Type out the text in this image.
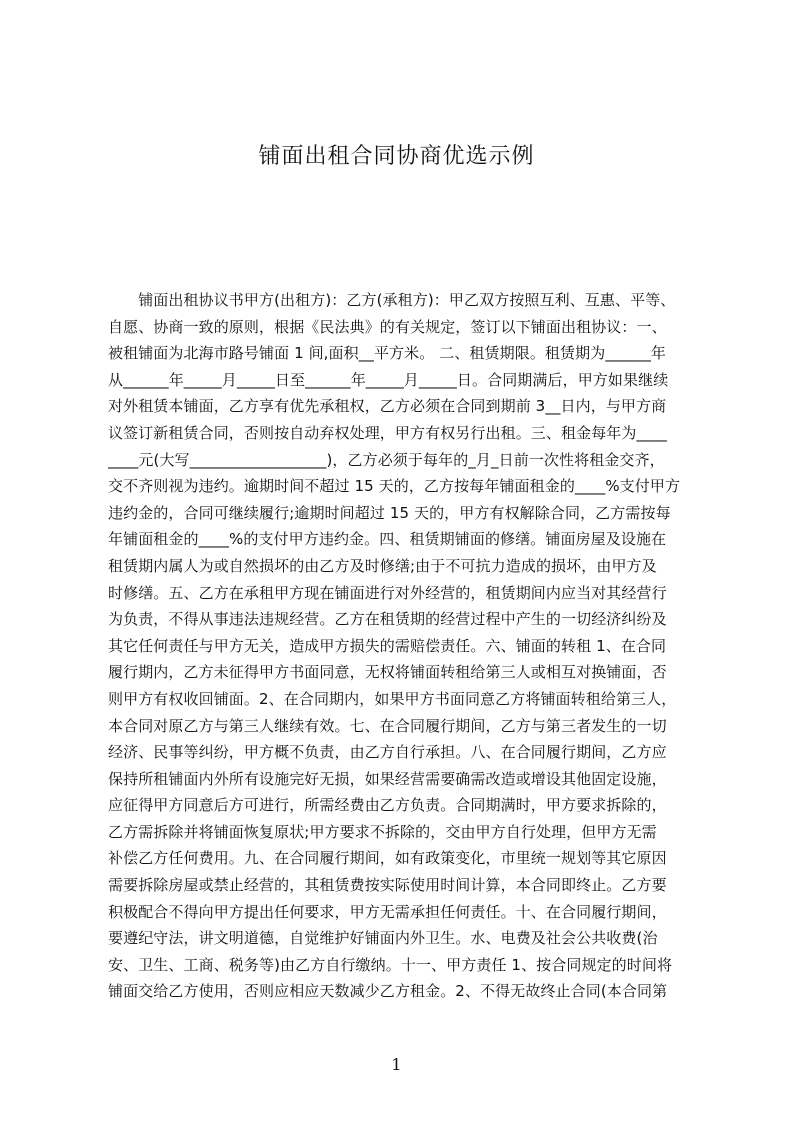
铺面出租合同协商优选示例
　　铺面出租协议书甲方(出租方)：乙方(承租方)：甲乙双方按照互利、互惠、平等、
自愿、协商一致的原则，根据《民法典》的有关规定，签订以下铺面出租协议：一、
被租铺面为北海市路号铺面 1 间,面积__平方米。 二、租赁期限。租赁期为______年
从______年_____月_____日至______年_____月_____日。合同期满后，甲方如果继续
对外租赁本铺面，乙方享有优先承租权，乙方必须在合同到期前 3__日内，与甲方商
议签订新租赁合同，否则按自动弃权处理，甲方有权另行出租。三、租金每年为____
____元(大写__________________)，乙方必须于每年的_月_日前一次性将租金交齐，
交不齐则视为违约。逾期时间不超过 15 天的，乙方按每年铺面租金的____%支付甲方
违约金的，合同可继续履行;逾期时间超过 15 天的，甲方有权解除合同，乙方需按每
年铺面租金的____%的支付甲方违约金。四、租赁期铺面的修缮。铺面房屋及设施在
租赁期内属人为或自然损坏的由乙方及时修缮;由于不可抗力造成的损坏，由甲方及
时修缮。五、乙方在承租甲方现在铺面进行对外经营的，租赁期间内应当对其经营行
为负责，不得从事违法违规经营。乙方在租赁期的经营过程中产生的一切经济纠纷及
其它任何责任与甲方无关，造成甲方损失的需赔偿责任。六、铺面的转租 1、在合同
履行期内，乙方未征得甲方书面同意，无权将铺面转租给第三人或相互对换铺面，否
则甲方有权收回铺面。2、在合同期内，如果甲方书面同意乙方将铺面转租给第三人，
本合同对原乙方与第三人继续有效。七、在合同履行期间，乙方与第三者发生的一切
经济、民事等纠纷，甲方概不负责，由乙方自行承担。八、在合同履行期间，乙方应
保持所租铺面内外所有设施完好无损，如果经营需要确需改造或增设其他固定设施，
应征得甲方同意后方可进行，所需经费由乙方负责。合同期满时，甲方要求拆除的，
乙方需拆除并将铺面恢复原状;甲方要求不拆除的，交由甲方自行处理，但甲方无需
补偿乙方任何费用。九、在合同履行期间，如有政策变化，市里统一规划等其它原因
需要拆除房屋或禁止经营的，其租赁费按实际使用时间计算，本合同即终止。乙方要
积极配合不得向甲方提出任何要求，甲方无需承担任何责任。十、在合同履行期间，
要遵纪守法，讲文明道德，自觉维护好铺面内外卫生。水、电费及社会公共收费(治
安、卫生、工商、税务等)由乙方自行缴纳。十一、甲方责任 1、按合同规定的时间将
铺面交给乙方使用，否则应相应天数减少乙方租金。2、不得无故终止合同(本合同第
1
